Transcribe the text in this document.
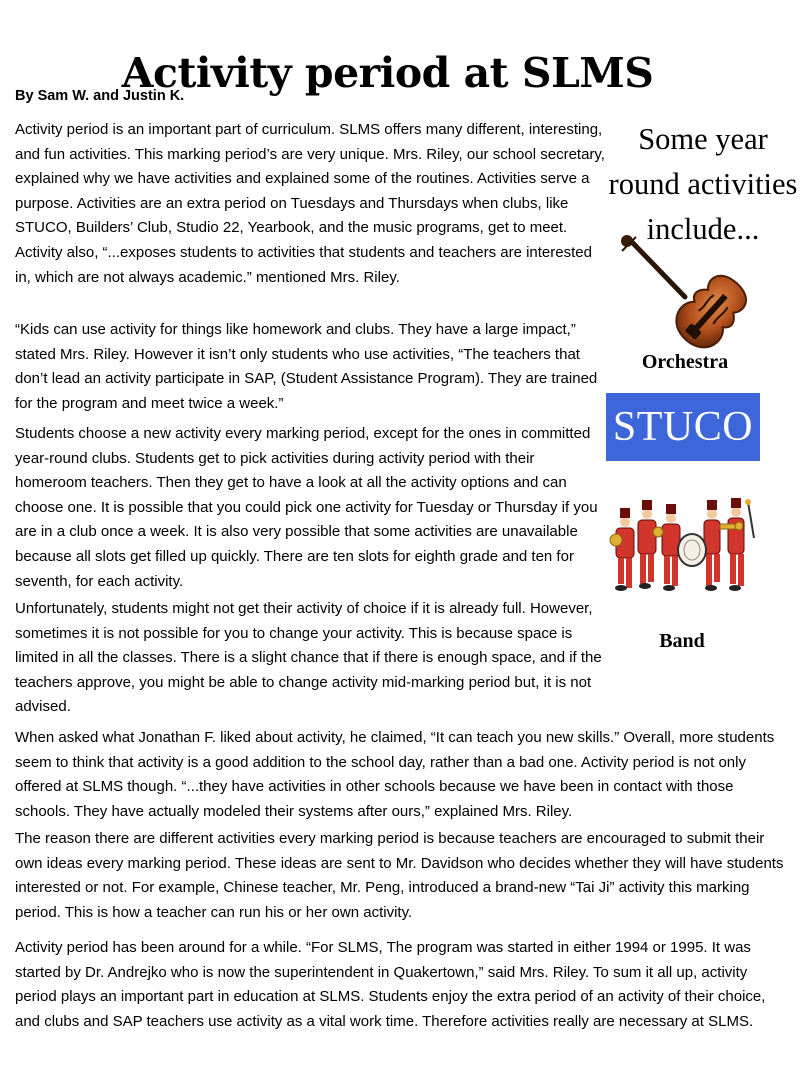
Activity period at SLMS
By Sam W. and Justin K.

Activity period is an important part of curriculum. SLMS offers many different, interesting, and fun activities. This marking period’s are very unique. Mrs. Riley, our school secretary, explained why we have activities and explained some of the routines. Activities serve a purpose. Activities are an extra period on Tuesdays and Thursdays when clubs, like STUCO, Builders’ Club, Studio 22, Yearbook, and the music programs, get to meet. Activity also, “...exposes students to activities that students and teachers are interested in, which are not always academic.” mentioned Mrs. Riley.

“Kids can use activity for things like homework and clubs. They have a large impact,” stated Mrs. Riley. However it isn’t only students who use activities, “The teachers that don’t lead an activity participate in SAP, (Student Assistance Program). They are trained for the program and meet twice a week.”

Students choose a new activity every marking period, except for the ones in committed year-round clubs. Students get to pick activities during activity period with their homeroom teachers. Then they get to have a look at all the activity options and can choose one. It is possible that you could pick one activity for Tuesday or Thursday if you are in a club once a week. It is also very possible that some activities are unavailable because all slots get filled up quickly. There are ten slots for eighth grade and ten for seventh, for each activity.

Unfortunately, students might not get their activity of choice if it is already full. However, sometimes it is not possible for you to change your activity. This is because space is limited in all the classes. There is a slight chance that if there is enough space, and if the teachers approve, you might be able to change activity mid-marking period but, it is not advised.

When asked what Jonathan F. liked about activity, he claimed, “It can teach you new skills.” Overall, more students seem to think that activity is a good addition to the school day, rather than a bad one. Activity period is not only offered at SLMS though. “...they have activities in other schools because we have been in contact with those schools. They have actually modeled their systems after ours,” explained Mrs. Riley.

The reason there are different activities every marking period is because teachers are encouraged to submit their own ideas every marking period. These ideas are sent to Mr. Davidson who decides whether they will have students interested or not. For example, Chinese teacher, Mr. Peng, introduced a brand-new “Tai Ji” activity this marking period. This is how a teacher can run his or her own activity.

Activity period has been around for a while. “For SLMS, The program was started in either 1994 or 1995. It was started by Dr. Andrejko who is now the superintendent in Quakertown,” said Mrs. Riley. To sum it all up, activity period plays an important part in education at SLMS. Students enjoy the extra period of an activity of their choice, and clubs and SAP teachers use activity as a vital work time. Therefore activities really are necessary at SLMS.

Some year round activities include...
Orchestra
STUCO
Band
